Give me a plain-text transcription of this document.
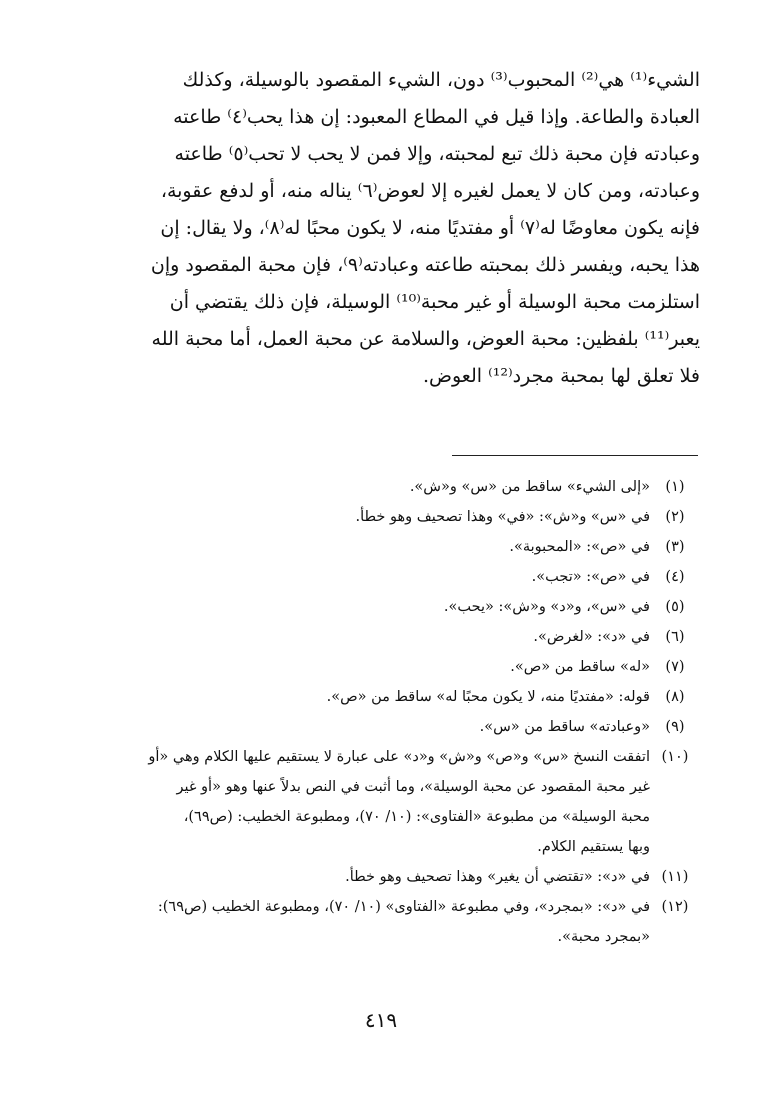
الشيء⁽¹⁾ هي⁽²⁾ المحبوب⁽³⁾ دون، الشيء المقصود بالوسيلة، وكذلك
العبادة والطاعة. وإذا قيل في المطاع المعبود: إن هذا يحب⁽٤⁾ طاعته
وعبادته فإن محبة ذلك تبع لمحبته، وإلا فمن لا يحب لا تحب⁽٥⁾ طاعته
وعبادته، ومن كان لا يعمل لغيره إلا لعوض⁽٦⁾ يناله منه، أو لدفع عقوبة،
فإنه يكون معاوضًا له⁽٧⁾ أو مفتديًا منه، لا يكون محبًا له⁽٨⁾، ولا يقال: إن
هذا يحبه، ويفسر ذلك بمحبته طاعته وعبادته⁽٩⁾، فإن محبة المقصود وإن
استلزمت محبة الوسيلة أو غير محبة⁽¹⁰⁾ الوسيلة، فإن ذلك يقتضي أن
يعبر⁽¹¹⁾ بلفظين: محبة العوض، والسلامة عن محبة العمل، أما محبة الله
فلا تعلق لها بمحبة مجرد⁽¹²⁾ العوض.
(١)
«إلى الشيء» ساقط من «س» و«ش».
(٢)
في «س» و«ش»: «في» وهذا تصحيف وهو خطأ.
(٣)
في «ص»: «المحبوبة».
(٤)
في «ص»: «تجب».
(٥)
في «س»، و«د» و«ش»: «يحب».
(٦)
في «د»: «لغرض».
(٧)
«له» ساقط من «ص».
(٨)
قوله: «مفتديًا منه، لا يكون محبًا له» ساقط من «ص».
(٩)
«وعبادته» ساقط من «س».
(١٠)
اتفقت النسخ «س» و«ص» و«ش» و«د» على عبارة لا يستقيم عليها الكلام وهي «أو
غير محبة المقصود عن محبة الوسيلة»، وما أثبت في النص بدلاً عنها وهو «أو غير
محبة الوسيلة» من مطبوعة «الفتاوى»: (١٠/ ٧٠)، ومطبوعة الخطيب: (ص٦٩)،
وبها يستقيم الكلام.
(١١)
في «د»: «تقتضي أن يغير» وهذا تصحيف وهو خطأ.
(١٢)
في «د»: «بمجرد»، وفي مطبوعة «الفتاوى» (١٠/ ٧٠)، ومطبوعة الخطيب (ص٦٩):
«بمجرد محبة».
٤١٩
